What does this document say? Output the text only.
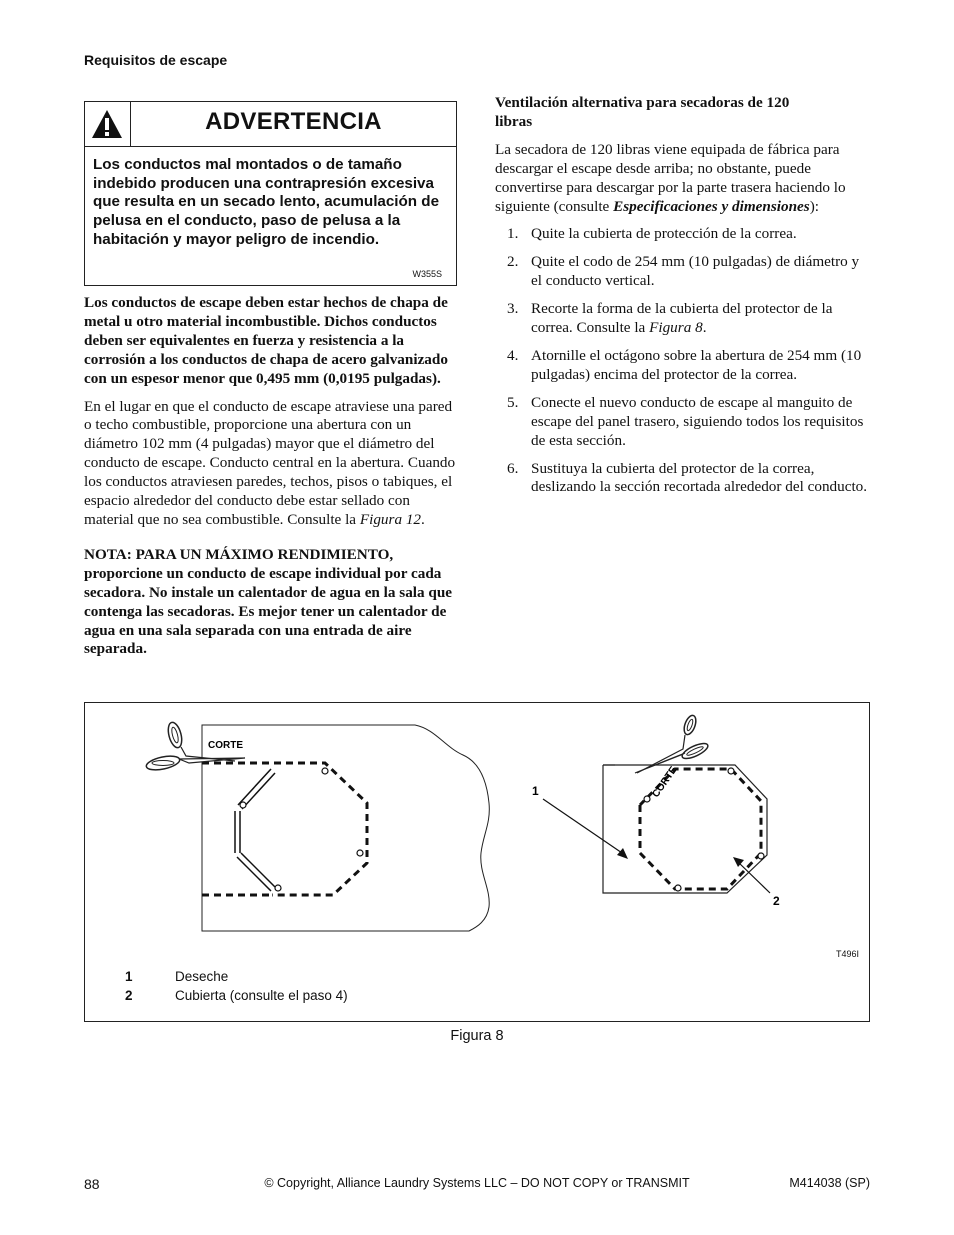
Requisitos de escape
ADVERTENCIA
Los conductos mal montados o de tamaño indebido producen una contrapresión excesiva que resulta en un secado lento, acumulación de pelusa en el conducto, paso de pelusa a la habitación y mayor peligro de incendio.
W355S

Los conductos de escape deben estar hechos de chapa de metal u otro material incombustible. Dichos conductos deben ser equivalentes en fuerza y resistencia a la corrosión a los conductos de chapa de acero galvanizado con un espesor menor que 0,495 mm (0,0195 pulgadas).

En el lugar en que el conducto de escape atraviese una pared o techo combustible, proporcione una abertura con un diámetro 102 mm (4 pulgadas) mayor que el diámetro del conducto de escape. Conducto central en la abertura. Cuando los conductos atraviesen paredes, techos, pisos o tabiques, el espacio alrededor del conducto debe estar sellado con material que no sea combustible. Consulte la Figura 12.

NOTA: PARA UN MÁXIMO RENDIMIENTO, proporcione un conducto de escape individual por cada secadora. No instale un calentador de agua en la sala que contenga las secadoras. Es mejor tener un calentador de agua en una sala separada con una entrada de aire separada.

Ventilación alternativa para secadoras de 120 libras

La secadora de 120 libras viene equipada de fábrica para descargar el escape desde arriba; no obstante, puede convertirse para descargar por la parte trasera haciendo lo siguiente (consulte Especificaciones y dimensiones):

1. Quite la cubierta de protección de la correa.
2. Quite el codo de 254 mm (10 pulgadas) de diámetro y el conducto vertical.
3. Recorte la forma de la cubierta del protector de la correa. Consulte la Figura 8.
4. Atornille el octágono sobre la abertura de 254 mm (10 pulgadas) encima del protector de la correa.
5. Conecte el nuevo conducto de escape al manguito de escape del panel trasero, siguiendo todos los requisitos de esta sección.
6. Sustituya la cubierta del protector de la correa, deslizando la sección recortada alrededor del conducto.
CORTE
CORTE
1
2
T496I
1	Deseche
2	Cubierta (consulte el paso 4)
Figura 8
88	© Copyright, Alliance Laundry Systems LLC – DO NOT COPY or TRANSMIT	M414038 (SP)
